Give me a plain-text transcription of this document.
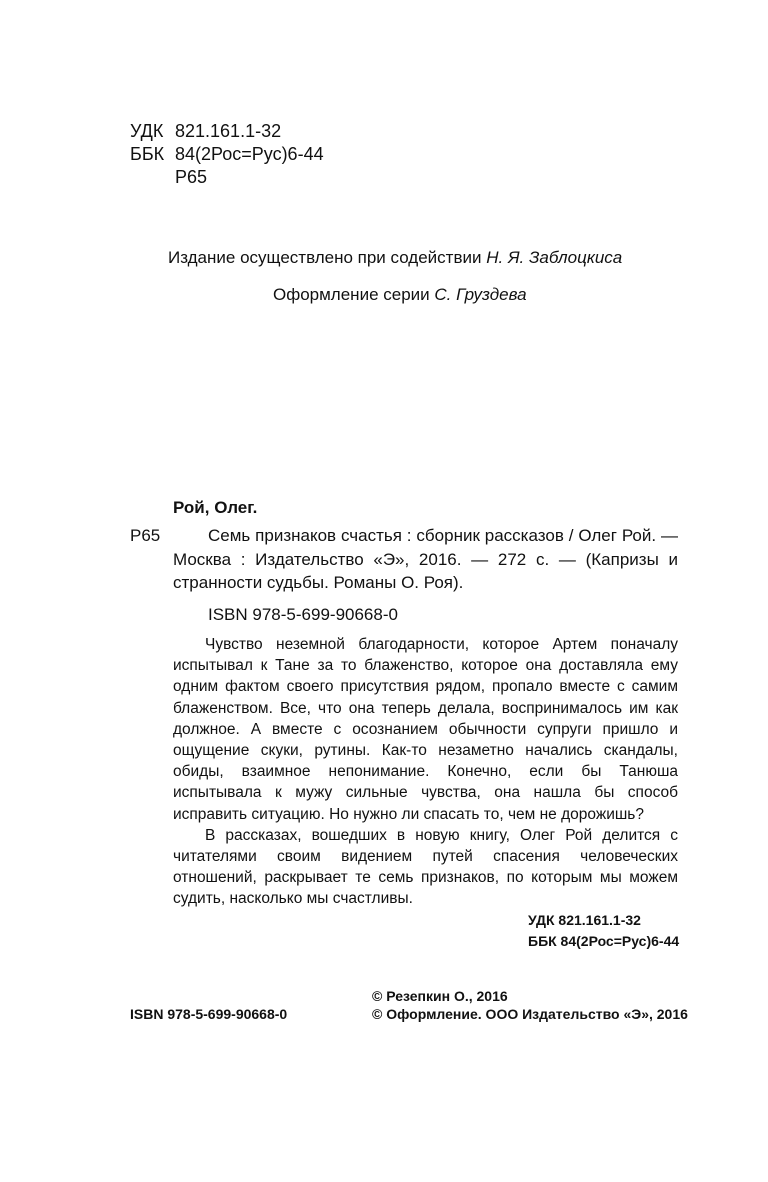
УДК 821.161.1-32
ББК 84(2Рос=Рус)6-44
Р65
Издание осуществлено при содействии Н. Я. Заблоцкиса
Оформление серии С. Груздева
Рой, Олег.
Р65	Семь признаков счастья : сборник рассказов / Олег Рой. — Москва : Издательство «Э», 2016. — 272 с. — (Капризы и странности судьбы. Романы О. Роя).
ISBN 978-5-699-90668-0

Чувство неземной благодарности, которое Артем поначалу испытывал к Тане за то блаженство, которое она доставляла ему одним фактом своего присутствия рядом, пропало вместе с самим блаженством. Все, что она теперь делала, воспринималось им как должное. А вместе с осознанием обычности супруги пришло и ощущение скуки, рутины. Как-то незаметно начались скандалы, обиды, взаимное непонимание. Конечно, если бы Танюша испытывала к мужу сильные чувства, она нашла бы способ исправить ситуацию. Но нужно ли спасать то, чем не дорожишь?

В рассказах, вошедших в новую книгу, Олег Рой делится с читателями своим видением путей спасения человеческих отношений, раскрывает те семь признаков, по которым мы можем судить, насколько мы счастливы.

УДК 821.161.1-32
ББК 84(2Рос=Рус)6-44
ISBN 978-5-699-90668-0
© Резепкин О., 2016
© Оформление. ООО Издательство «Э», 2016
